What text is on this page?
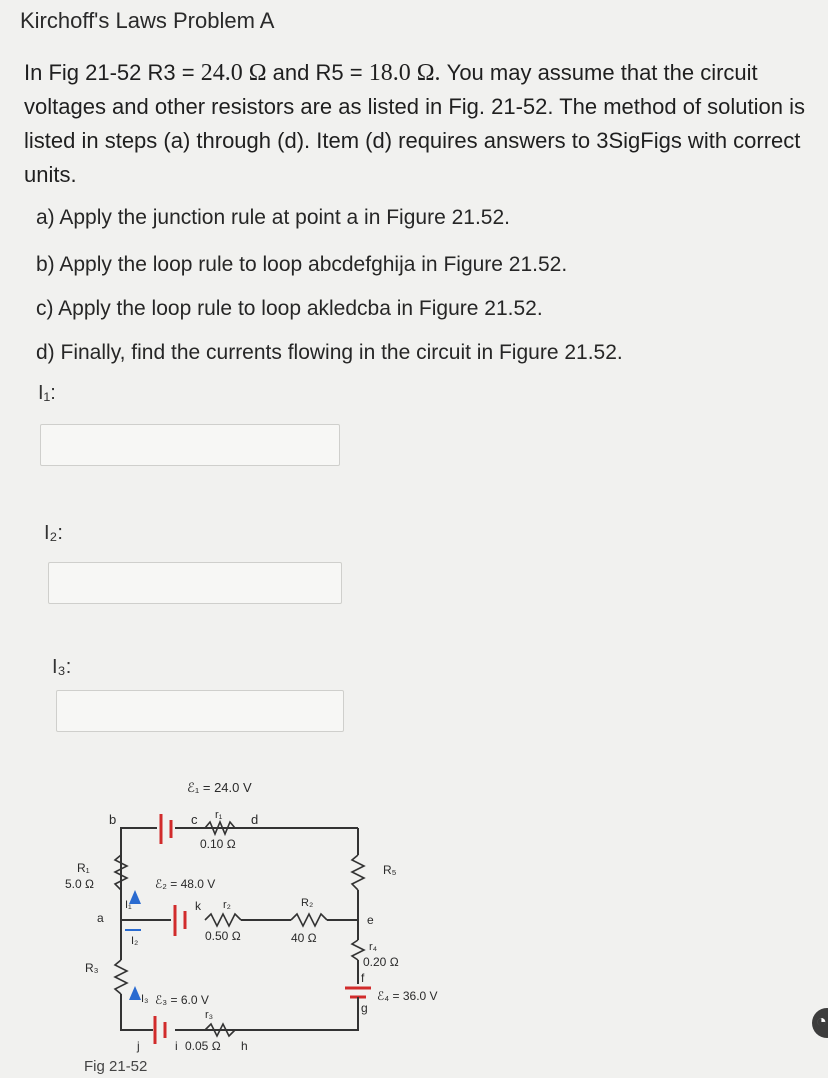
Kirchoff's Laws Problem A
In Fig 21-52 R3 = 24.0 Ω and R5 = 18.0 Ω. You may assume that the circuit voltages and other resistors are as listed in Fig. 21-52. The method of solution is listed in steps (a) through (d). Item (d) requires answers to 3SigFigs with correct units.
a) Apply the junction rule at point a in Figure 21.52.
b) Apply the loop rule to loop abcdefghija in Figure 21.52.
c) Apply the loop rule to loop akledcba in Figure 21.52.
d) Finally, find the currents flowing in the circuit in Figure 21.52.
I₁:
I₂:
I₃:
ℰ₁ = 24.0 V
r₁
0.10 Ω
b	c	d
R₁
5.0 Ω	ℰ₂ = 48.0 V
I₁
a
I₂
k r₂
0.50 Ω
R₂
40 Ω
e
R₅
r₄
0.20 Ω
f
g
ℰ₄ = 36.0 V
R₃
I₃ ℰ₃ = 6.0 V
r₃
i 0.05 Ω h
j
Fig 21-52
◔
